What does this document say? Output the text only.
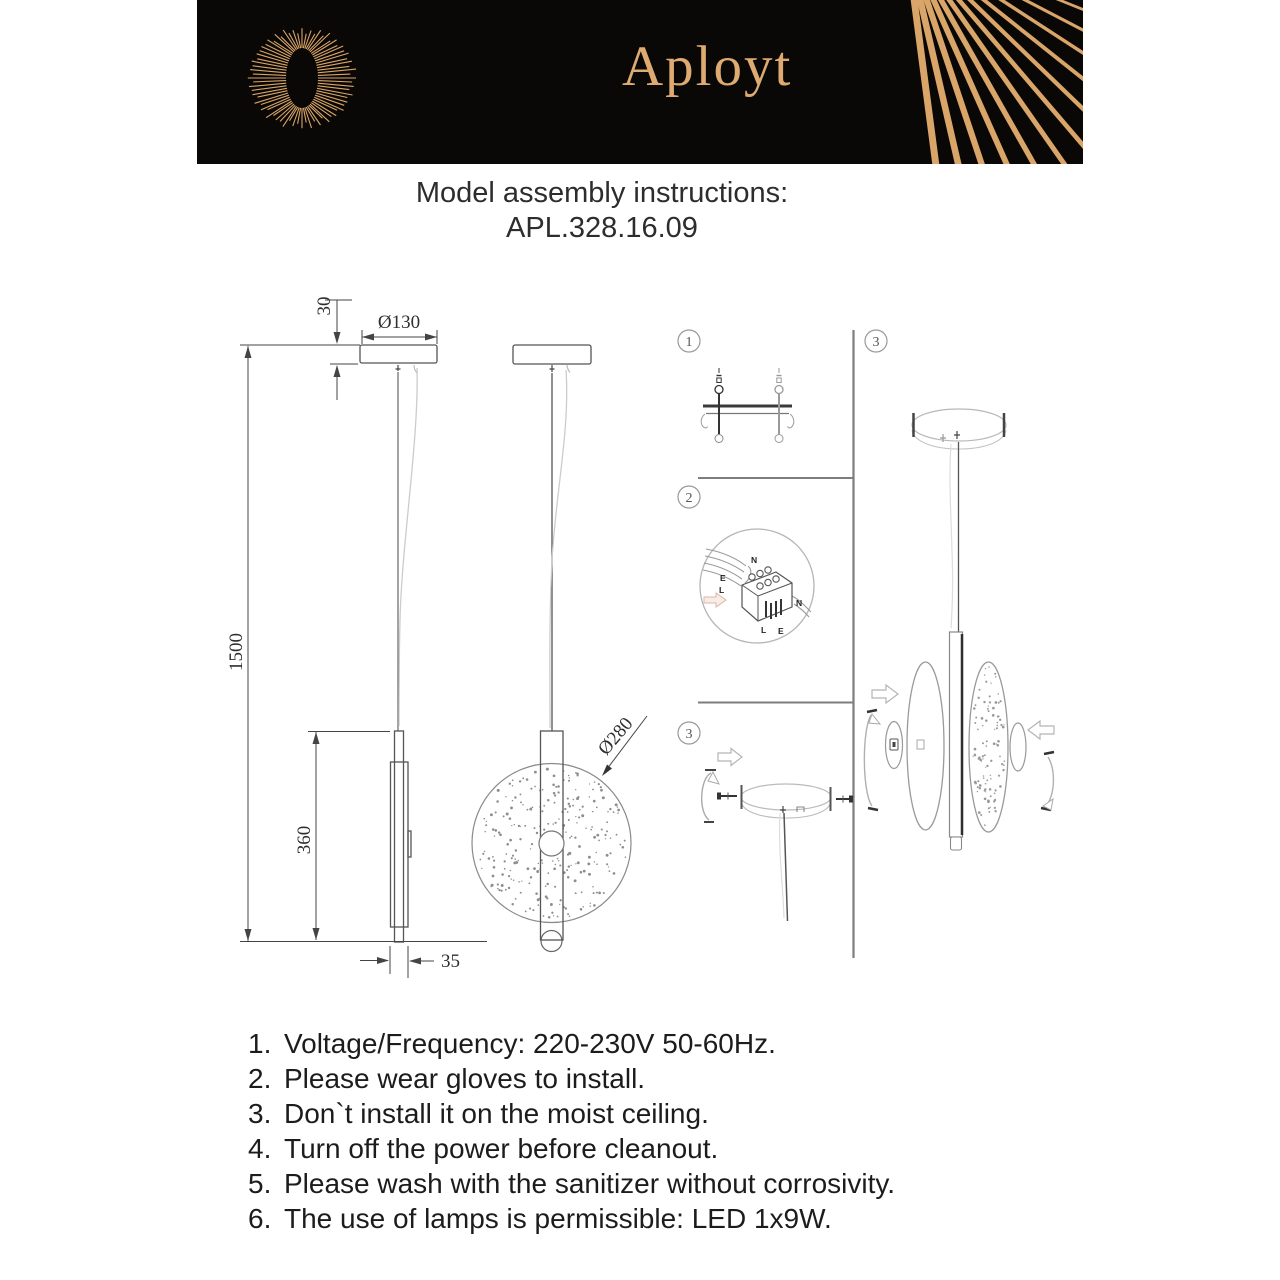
Aployt

Model assembly instructions:

APL.328.16.09

1500
30
Ø130
360
35
Ø280
1
2
N
E
L
L E
N
3
3
1. Voltage/Frequency: 220-230V 50-60Hz.
2. Please wear gloves to install.
3. Don`t install it on the moist ceiling.
4. Turn off the power before cleanout.
5. Please wash with the sanitizer without corrosivity.
6. The use of lamps is permissible: LED 1x9W.
